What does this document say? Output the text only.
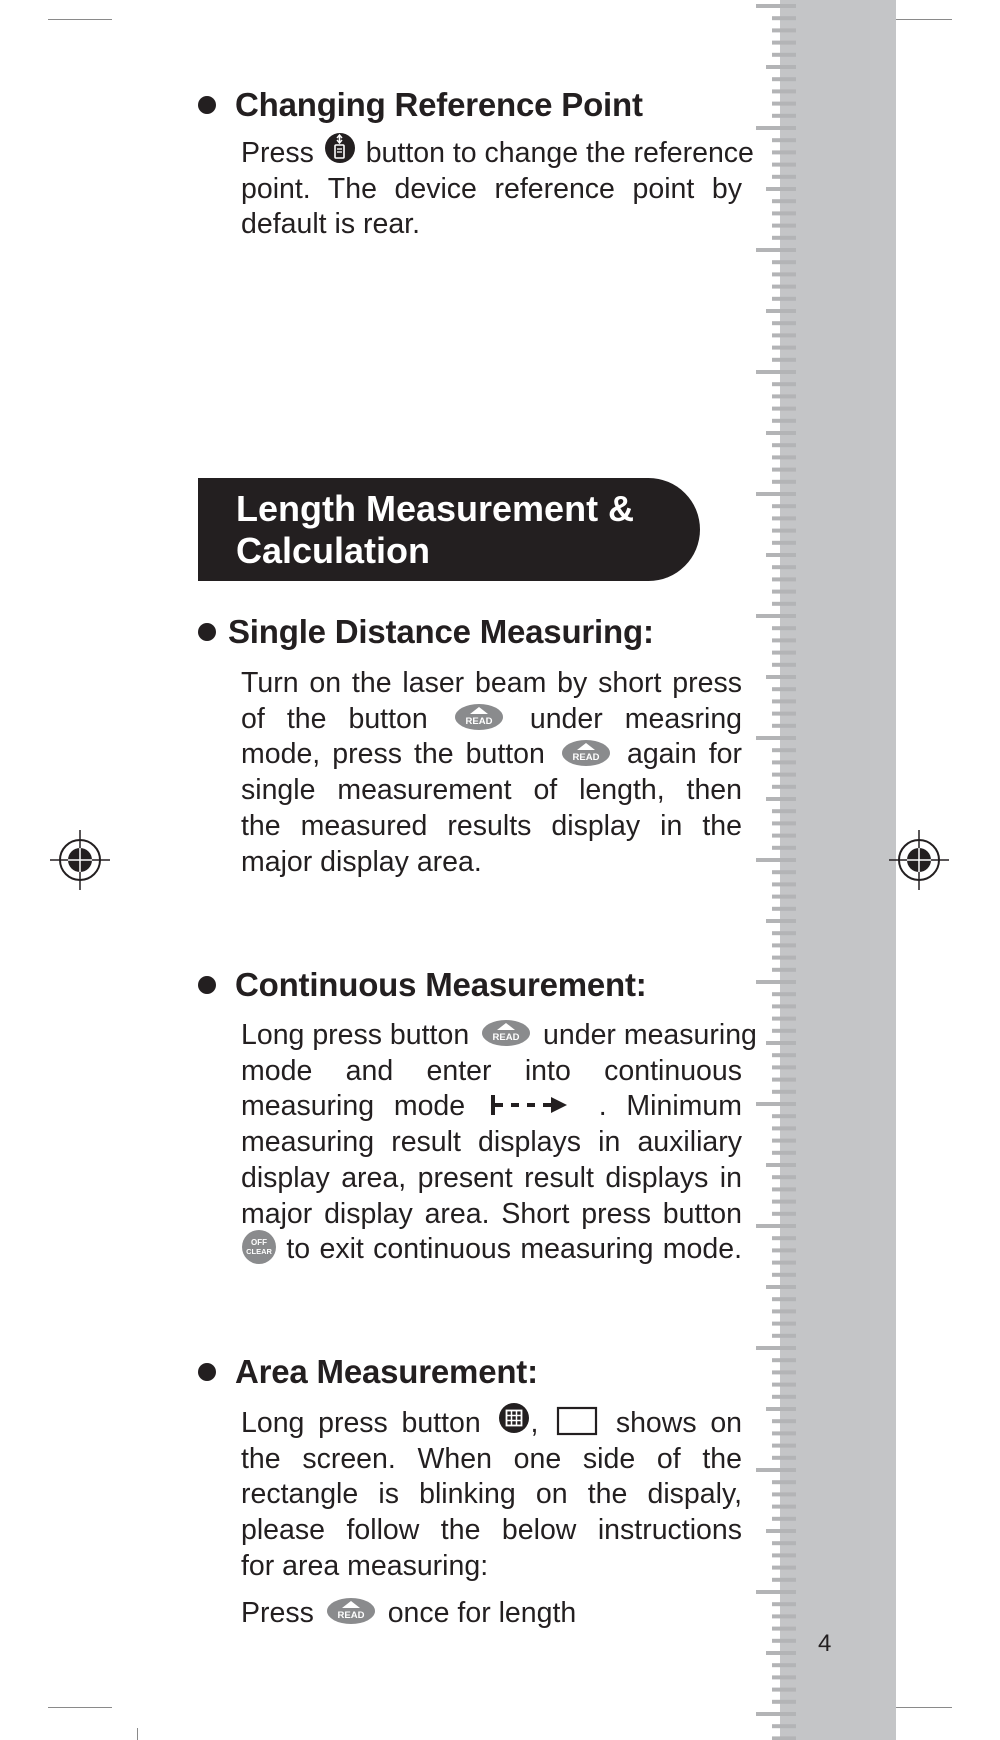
4
Changing Reference Point
Press button to change the reference
point. The device reference point by
default is rear.
Length Measurement &
Calculation
Single Distance Measuring:
Turn on the laser beam by short press
of the button	READ under measring
mode, press the button	READ again for
single measurement of length, then
the measured results display in the
major display area.
Continuous Measurement:
Long press button READ under measuring
mode and enter into continuous
measuring mode	. Minimum
measuring result displays in auxiliary
display area, present result displays in
major display area. Short press button
OFF
CLEAR to exit continuous measuring mode.
Area Measurement:
Long press button ,	shows on
the screen. When one side of the
rectangle is blinking on the dispaly,
please follow the below instructions
for area measuring:
Press READ once for length
